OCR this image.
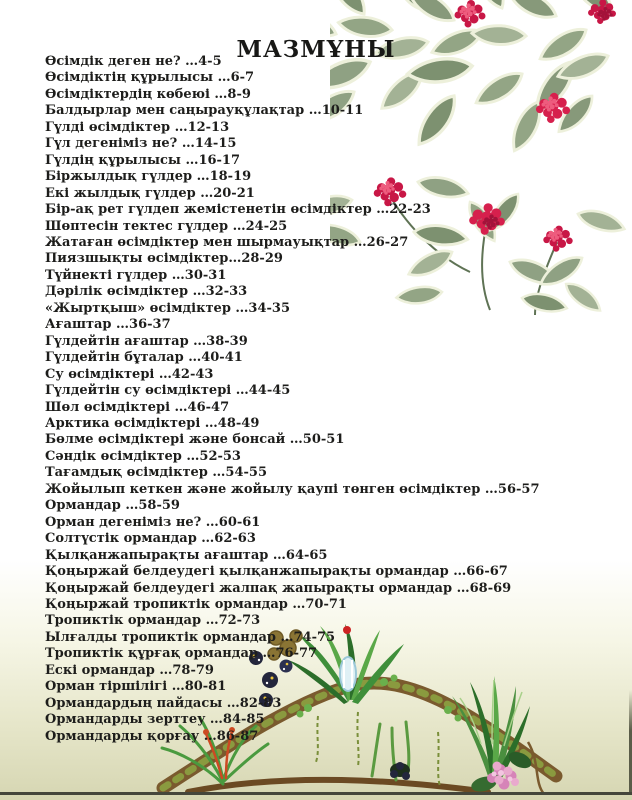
МАЗМҰНЫ
Өсімдік деген не? …4-5
Өсімдіктің құрылысы …6-7
Өсімдіктердің көбеюі …8-9
Балдырлар мен саңырауқұлақтар …10-11
Гүлді өсімдіктер …12-13
Гүл дегеніміз не? …14-15
Гүлдің құрылысы …16-17
Біржылдық гүлдер …18-19
Екі жылдық гүлдер …20-21
Бір-ақ рет гүлдеп жемістенетін өсімдіктер …22-23
Шөптесін тектес гүлдер …24-25
Жатаған өсімдіктер мен шырмауықтар …26-27
Пиязшықты өсімдіктер…28-29
Түйнекті гүлдер …30-31
Дәрілік өсімдіктер …32-33
«Жыртқыш» өсімдіктер …34-35
Ағаштар …36-37
Гүлдейтін ағаштар …38-39
Гүлдейтін бұталар …40-41
Су өсімдіктері …42-43
Гүлдейтін су өсімдіктері …44-45
Шөл өсімдіктері …46-47
Арктика өсімдіктері …48-49
Бөлме өсімдіктері және бонсай …50-51
Сәндік өсімдіктер …52-53
Тағамдық өсімдіктер …54-55
Жойылып кеткен және жойылу қаупі төнген өсімдіктер …56-57
Ормандар …58-59
Орман дегеніміз не? …60-61
Солтүстік ормандар …62-63
Қылқанжапырақты ағаштар …64-65
Қоңыржай белдеудегі қылқанжапырақты ормандар …66-67
Қоңыржай белдеудегі жалпақ жапырақты ормандар …68-69
Қоңыржай тропиктік ормандар …70-71
Тропиктік ормандар …72-73
Ылғалды тропиктік ормандар …74-75
Тропиктік құрғақ ормандар …76-77
Ескі ормандар …78-79
Орман тіршілігі …80-81
Ормандардың пайдасы …82-83
Ормандарды зерттеу …84-85
Ормандарды қорғау …86-87
